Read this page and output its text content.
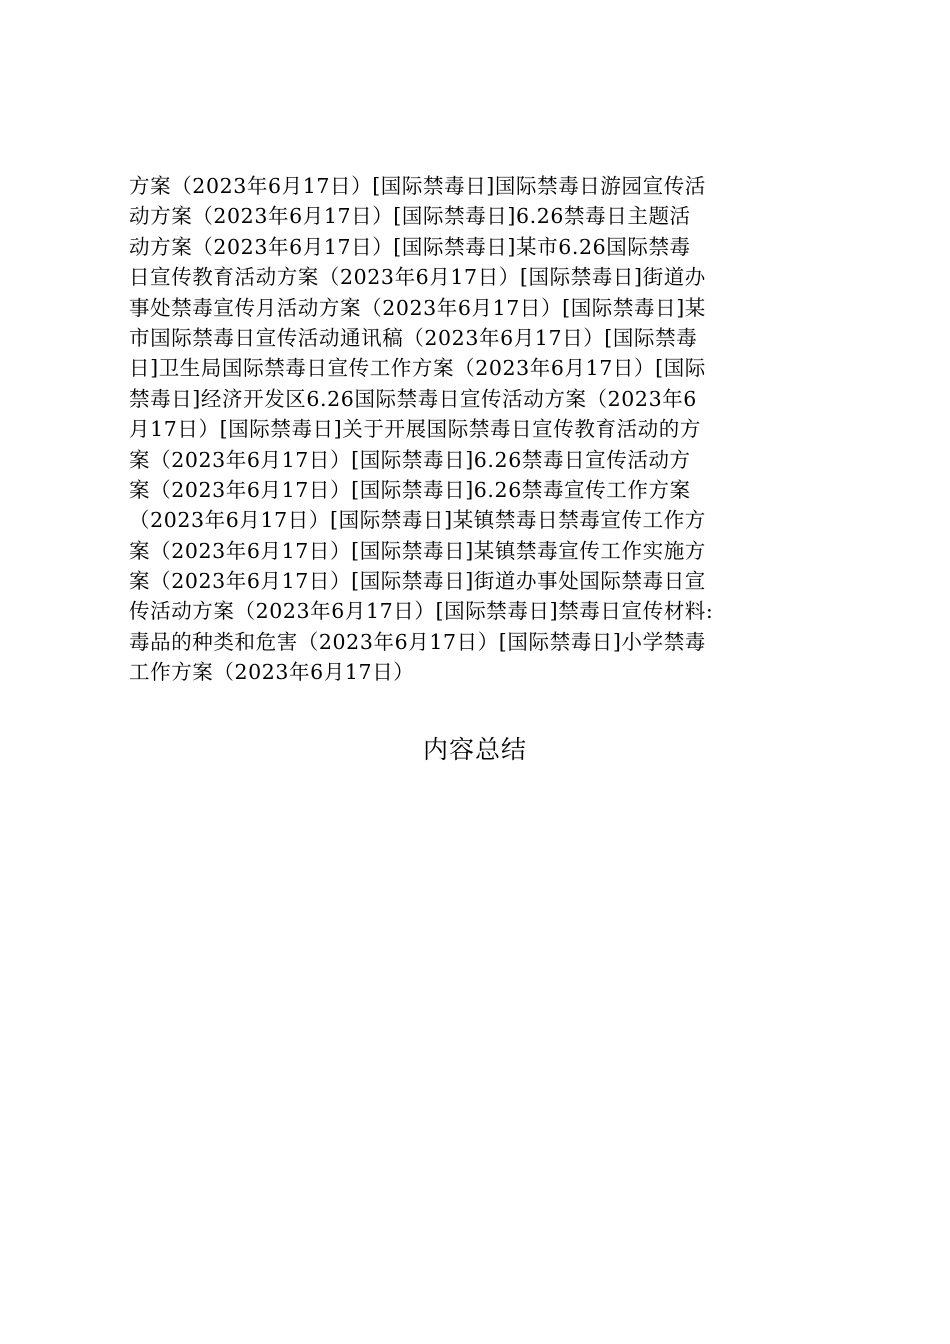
方案（2023年6月17日）[国际禁毒日]国际禁毒日游园宣传活
动方案（2023年6月17日）[国际禁毒日]6.26禁毒日主题活
动方案（2023年6月17日）[国际禁毒日]某市6.26国际禁毒
日宣传教育活动方案（2023年6月17日）[国际禁毒日]街道办
事处禁毒宣传月活动方案（2023年6月17日）[国际禁毒日]某
市国际禁毒日宣传活动通讯稿（2023年6月17日）[国际禁毒
日]卫生局国际禁毒日宣传工作方案（2023年6月17日）[国际
禁毒日]经济开发区6.26国际禁毒日宣传活动方案（2023年6
月17日）[国际禁毒日]关于开展国际禁毒日宣传教育活动的方
案（2023年6月17日）[国际禁毒日]6.26禁毒日宣传活动方
案（2023年6月17日）[国际禁毒日]6.26禁毒宣传工作方案
（2023年6月17日）[国际禁毒日]某镇禁毒日禁毒宣传工作方
案（2023年6月17日）[国际禁毒日]某镇禁毒宣传工作实施方
案（2023年6月17日）[国际禁毒日]街道办事处国际禁毒日宣
传活动方案（2023年6月17日）[国际禁毒日]禁毒日宣传材料:
毒品的种类和危害（2023年6月17日）[国际禁毒日]小学禁毒
工作方案（2023年6月17日）
内容总结
